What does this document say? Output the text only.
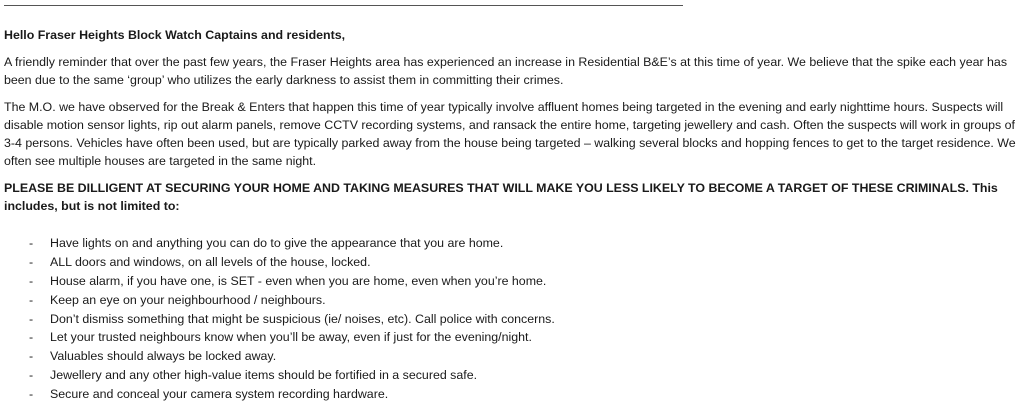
Hello Fraser Heights Block Watch Captains and residents,

A friendly reminder that over the past few years, the Fraser Heights area has experienced an increase in Residential B&E’s at this time of year. We believe that the spike each year has been due to the same ‘group’ who utilizes the early darkness to assist them in committing their crimes.

The M.O. we have observed for the Break & Enters that happen this time of year typically involve affluent homes being targeted in the evening and early nighttime hours. Suspects will disable motion sensor lights, rip out alarm panels, remove CCTV recording systems, and ransack the entire home, targeting jewellery and cash. Often the suspects will work in groups of 3-4 persons. Vehicles have often been used, but are typically parked away from the house being targeted – walking several blocks and hopping fences to get to the target residence. We often see multiple houses are targeted in the same night.

PLEASE BE DILLIGENT AT SECURING YOUR HOME AND TAKING MEASURES THAT WILL MAKE YOU LESS LIKELY TO BECOME A TARGET OF THESE CRIMINALS. This includes, but is not limited to:

- Have lights on and anything you can do to give the appearance that you are home.
- ALL doors and windows, on all levels of the house, locked.
- House alarm, if you have one, is SET - even when you are home, even when you’re home.
- Keep an eye on your neighbourhood / neighbours.
- Don’t dismiss something that might be suspicious (ie/ noises, etc). Call police with concerns.
- Let your trusted neighbours know when you’ll be away, even if just for the evening/night.
- Valuables should always be locked away.
- Jewellery and any other high-value items should be fortified in a secured safe.
- Secure and conceal your camera system recording hardware.
